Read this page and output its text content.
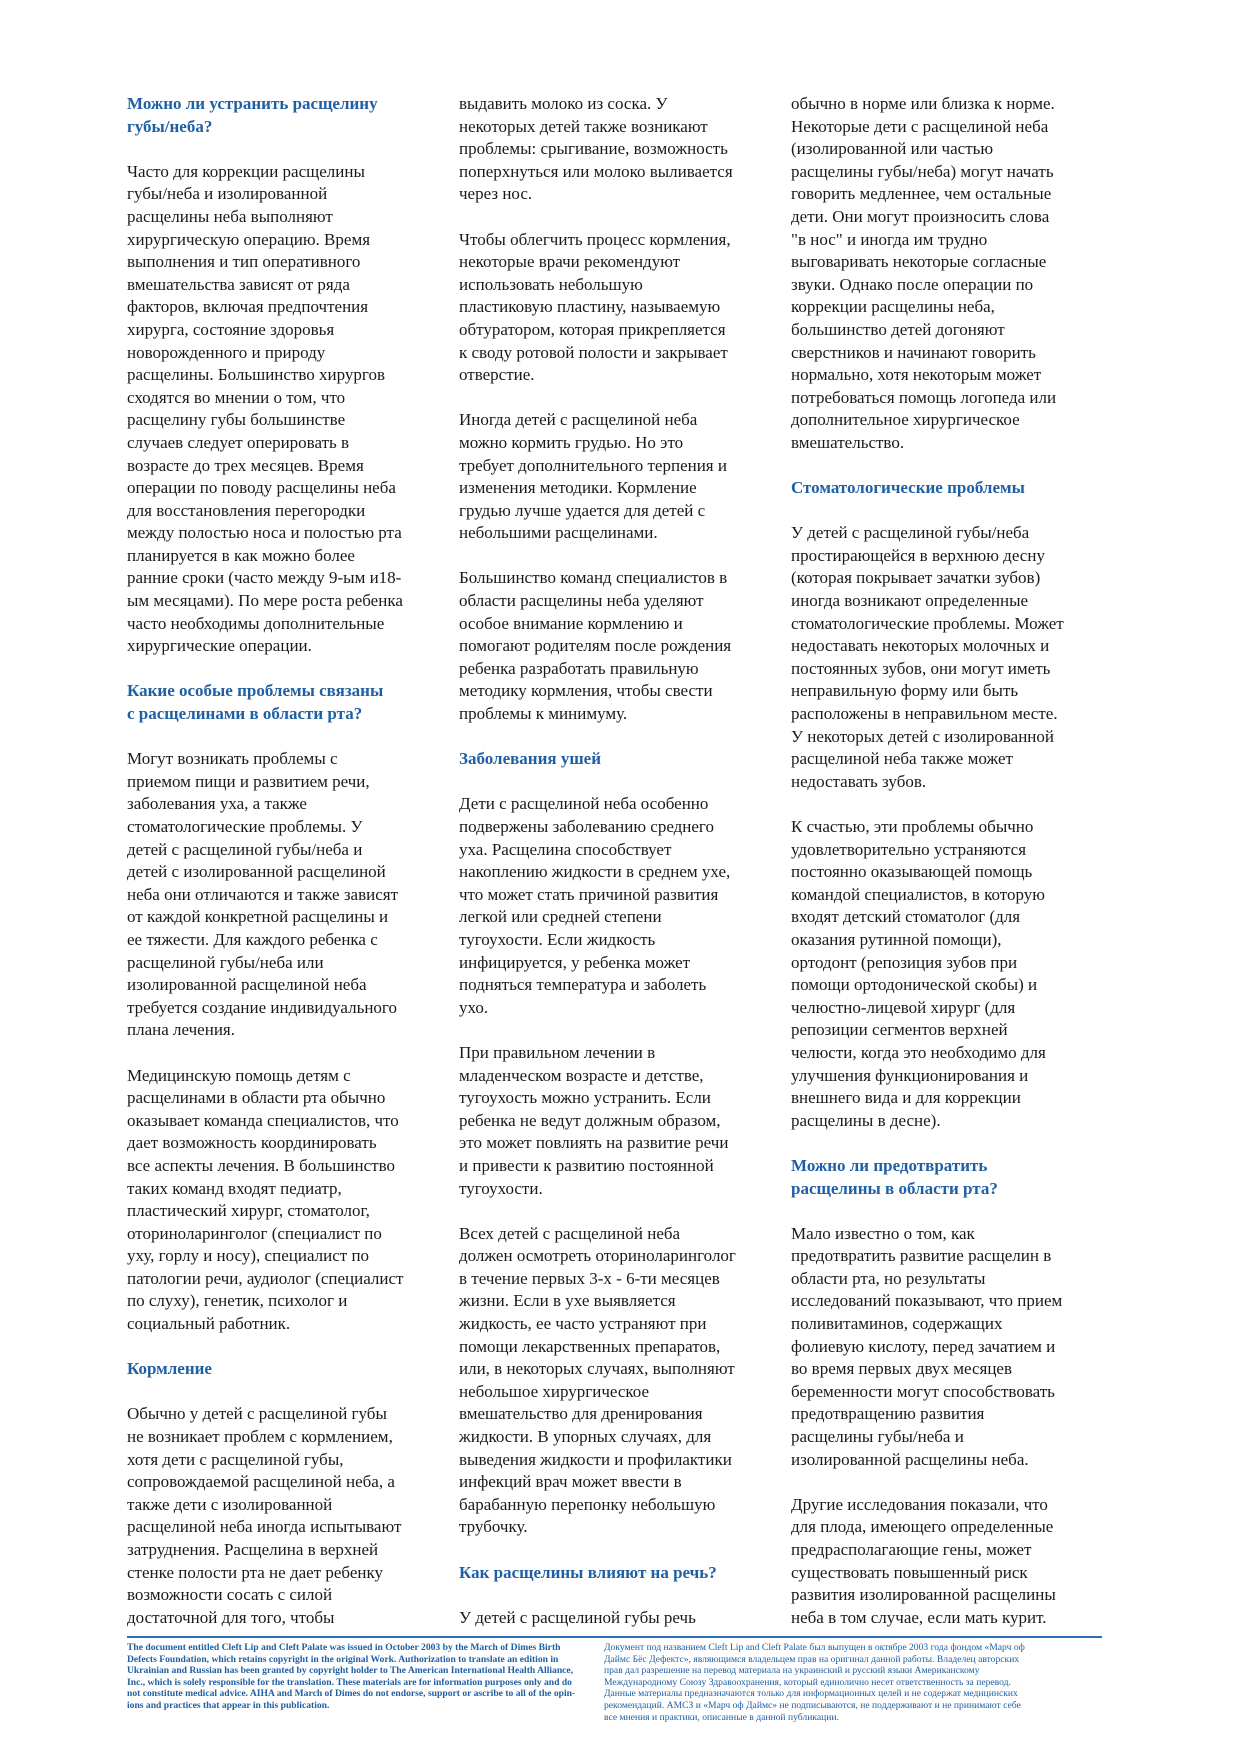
Можно ли устранить расщелину
губы/неба?
Часто для коррекции расщелины
губы/неба и изолированной
расщелины неба выполняют
хирургическую операцию. Время
выполнения и тип оперативного
вмешательства зависят от ряда
факторов, включая предпочтения
хирурга, состояние здоровья
новорожденного и природу
расщелины. Большинство хирургов
сходятся во мнении о том, что
расщелину губы большинстве
случаев следует оперировать в
возрасте до трех месяцев. Время
операции по поводу расщелины неба
для восстановления перегородки
между полостью носа и полостью рта
планируется в как можно более
ранние сроки (часто между 9-ым и18-
ым месяцами). По мере роста ребенка
часто необходимы дополнительные
хирургические операции.
Какие особые проблемы связаны
с расщелинами в области рта?
Могут возникать проблемы с
приемом пищи и развитием речи,
заболевания уха, а также
стоматологические проблемы. У
детей с расщелиной губы/неба и
детей с изолированной расщелиной
неба они отличаются и также зависят
от каждой конкретной расщелины и
ее тяжести. Для каждого ребенка с
расщелиной губы/неба или
изолированной расщелиной неба
требуется создание индивидуального
плана лечения.
Медицинскую помощь детям с
расщелинами в области рта обычно
оказывает команда специалистов, что
дает возможность координировать
все аспекты лечения. В большинство
таких команд входят педиатр,
пластический хирург, стоматолог,
оториноларинголог (специалист по
уху, горлу и носу), специалист по
патологии речи, аудиолог (специалист
по слуху), генетик, психолог и
социальный работник.
Кормление
Обычно у детей с расщелиной губы
не возникает проблем с кормлением,
хотя дети с расщелиной губы,
сопровождаемой расщелиной неба, а
также дети с изолированной
расщелиной неба иногда испытывают
затруднения. Расщелина в верхней
стенке полости рта не дает ребенку
возможности сосать с силой
достаточной для того, чтобы
выдавить молоко из соска. У
некоторых детей также возникают
проблемы: срыгивание, возможность
поперхнуться или молоко выливается
через нос.
Чтобы облегчить процесс кормления,
некоторые врачи рекомендуют
использовать небольшую
пластиковую пластину, называемую
обтуратором, которая прикрепляется
к своду ротовой полости и закрывает
отверстие.
Иногда детей с расщелиной неба
можно кормить грудью. Но это
требует дополнительного терпения и
изменения методики. Кормление
грудью лучше удается для детей с
небольшими расщелинами.
Большинство команд специалистов в
области расщелины неба уделяют
особое внимание кормлению и
помогают родителям после рождения
ребенка разработать правильную
методику кормления, чтобы свести
проблемы к минимуму.
Заболевания ушей
Дети с расщелиной неба особенно
подвержены заболеванию среднего
уха. Расщелина способствует
накоплению жидкости в среднем ухе,
что может стать причиной развития
легкой или средней степени
тугоухости. Если жидкость
инфицируется, у ребенка может
подняться температура и заболеть
ухо.
При правильном лечении в
младенческом возрасте и детстве,
тугоухость можно устранить. Если
ребенка не ведут должным образом,
это может повлиять на развитие речи
и привести к развитию постоянной
тугоухости.
Всех детей с расщелиной неба
должен осмотреть оториноларинголог
в течение первых 3-х - 6-ти месяцев
жизни. Если в ухе выявляется
жидкость, ее часто устраняют при
помощи лекарственных препаратов,
или, в некоторых случаях, выполняют
небольшое хирургическое
вмешательство для дренирования
жидкости. В упорных случаях, для
выведения жидкости и профилактики
инфекций врач может ввести в
барабанную перепонку небольшую
трубочку.
Как расщелины влияют на речь?
У детей с расщелиной губы речь
обычно в норме или близка к норме.
Некоторые дети с расщелиной неба
(изолированной или частью
расщелины губы/неба) могут начать
говорить медленнее, чем остальные
дети. Они могут произносить слова
"в нос" и иногда им трудно
выговаривать некоторые согласные
звуки. Однако после операции по
коррекции расщелины неба,
большинство детей догоняют
сверстников и начинают говорить
нормально, хотя некоторым может
потребоваться помощь логопеда или
дополнительное хирургическое
вмешательство.
Стоматологические проблемы
У детей с расщелиной губы/неба
простирающейся в верхнюю десну
(которая покрывает зачатки зубов)
иногда возникают определенные
стоматологические проблемы. Может
недоставать некоторых молочных и
постоянных зубов, они могут иметь
неправильную форму или быть
расположены в неправильном месте.
У некоторых детей с изолированной
расщелиной неба также может
недоставать зубов.
К счастью, эти проблемы обычно
удовлетворительно устраняются
постоянно оказывающей помощь
командой специалистов, в которую
входят детский стоматолог (для
оказания рутинной помощи),
ортодонт (репозиция зубов при
помощи ортодонической скобы) и
челюстно-лицевой хирург (для
репозиции сегментов верхней
челюсти, когда это необходимо для
улучшения функционирования и
внешнего вида и для коррекции
расщелины в десне).
Можно ли предотвратить
расщелины в области рта?
Мало известно о том, как
предотвратить развитие расщелин в
области рта, но результаты
исследований показывают, что прием
поливитаминов, содержащих
фолиевую кислоту, перед зачатием и
во время первых двух месяцев
беременности могут способствовать
предотвращению развития
расщелины губы/неба и
изолированной расщелины неба.
Другие исследования показали, что
для плода, имеющего определенные
предрасполагающие гены, может
существовать повышенный риск
развития изолированной расщелины
неба в том случае, если мать курит.
The document entitled Cleft Lip and Cleft Palate was issued in October 2003 by the March of Dimes Birth
Defects Foundation, which retains copyright in the original Work. Authorization to translate an edition in
Ukrainian and Russian has been granted by copyright holder to The American International Health Alliance,
Inc., which is solely responsible for the translation. These materials are for information purposes only and do
not constitute medical advice. AIHA and March of Dimes do not endorse, support or ascribe to all of the opin-
ions and practices that appear in this publication.
Документ под названием Cleft Lip and Cleft Palate был выпущен в октябре 2003 года фондом «Марч оф
Даймс Бёс Дефектс», являющимся владельцем прав на оригинал данной работы. Владелец авторских
прав дал разрешение на перевод материала на украинский и русский языки Американскому
Международному Союзу Здравоохранения, который единолично несет ответственность за перевод.
Данные материалы предназначаются только для информационных целей и не содержат медицинских
рекомендаций. АМСЗ и «Марч оф Даймс» не подписываются, не поддерживают и не принимают себе
все мнения и практики, описанные в данной публикации.
